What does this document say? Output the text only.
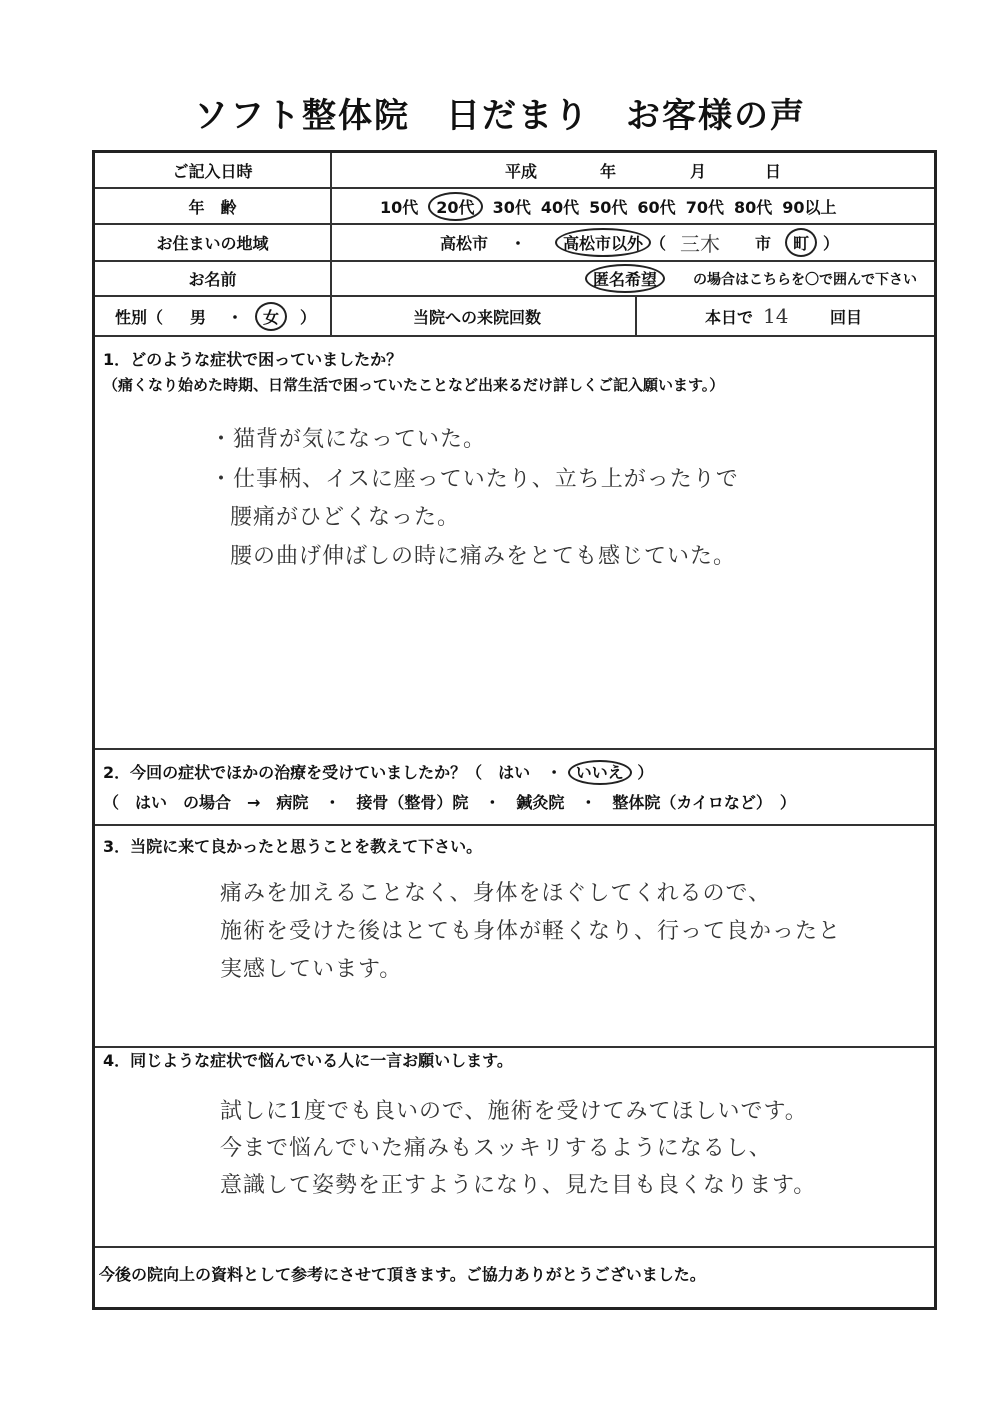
ソフト整体院　日だまり　お客様の声
ご記入日時	平成	年	月	日
年　齢	10代	20代	30代 40代 50代 60代 70代 80代 90以上
お住まいの地域	高松市	・	高松市以外 （ 三木	市	町 ）
お名前	匿名希望	の場合はこちらを〇で囲んで下さい
性別（	男	・	女	）	当院への来院回数	本日で 14	回目
1．どのような症状で困っていましたか？
（痛くなり始めた時期、日常生活で困っていたことなど出来るだけ詳しくご記入願います。）
・猫背が気になっていた。
・仕事柄、イスに座っていたり、立ち上がったりで
腰痛がひどくなった。
腰の曲げ伸ばしの時に痛みをとても感じていた。
2．今回の症状でほかの治療を受けていましたか？（　はい　・ いいえ ）
（　はい　の場合　→　病院　・　接骨（整骨）院　・　鍼灸院　・　整体院（カイロなど）　）
3．当院に来て良かったと思うことを教えて下さい。
痛みを加えることなく、身体をほぐしてくれるので、
施術を受けた後はとても身体が軽くなり、行って良かったと
実感しています。
4．同じような症状で悩んでいる人に一言お願いします。
試しに1度でも良いので、施術を受けてみてほしいです。
今まで悩んでいた痛みもスッキリするようになるし、
意識して姿勢を正すようになり、見た目も良くなります。
今後の院向上の資料として参考にさせて頂きます。ご協力ありがとうございました。
